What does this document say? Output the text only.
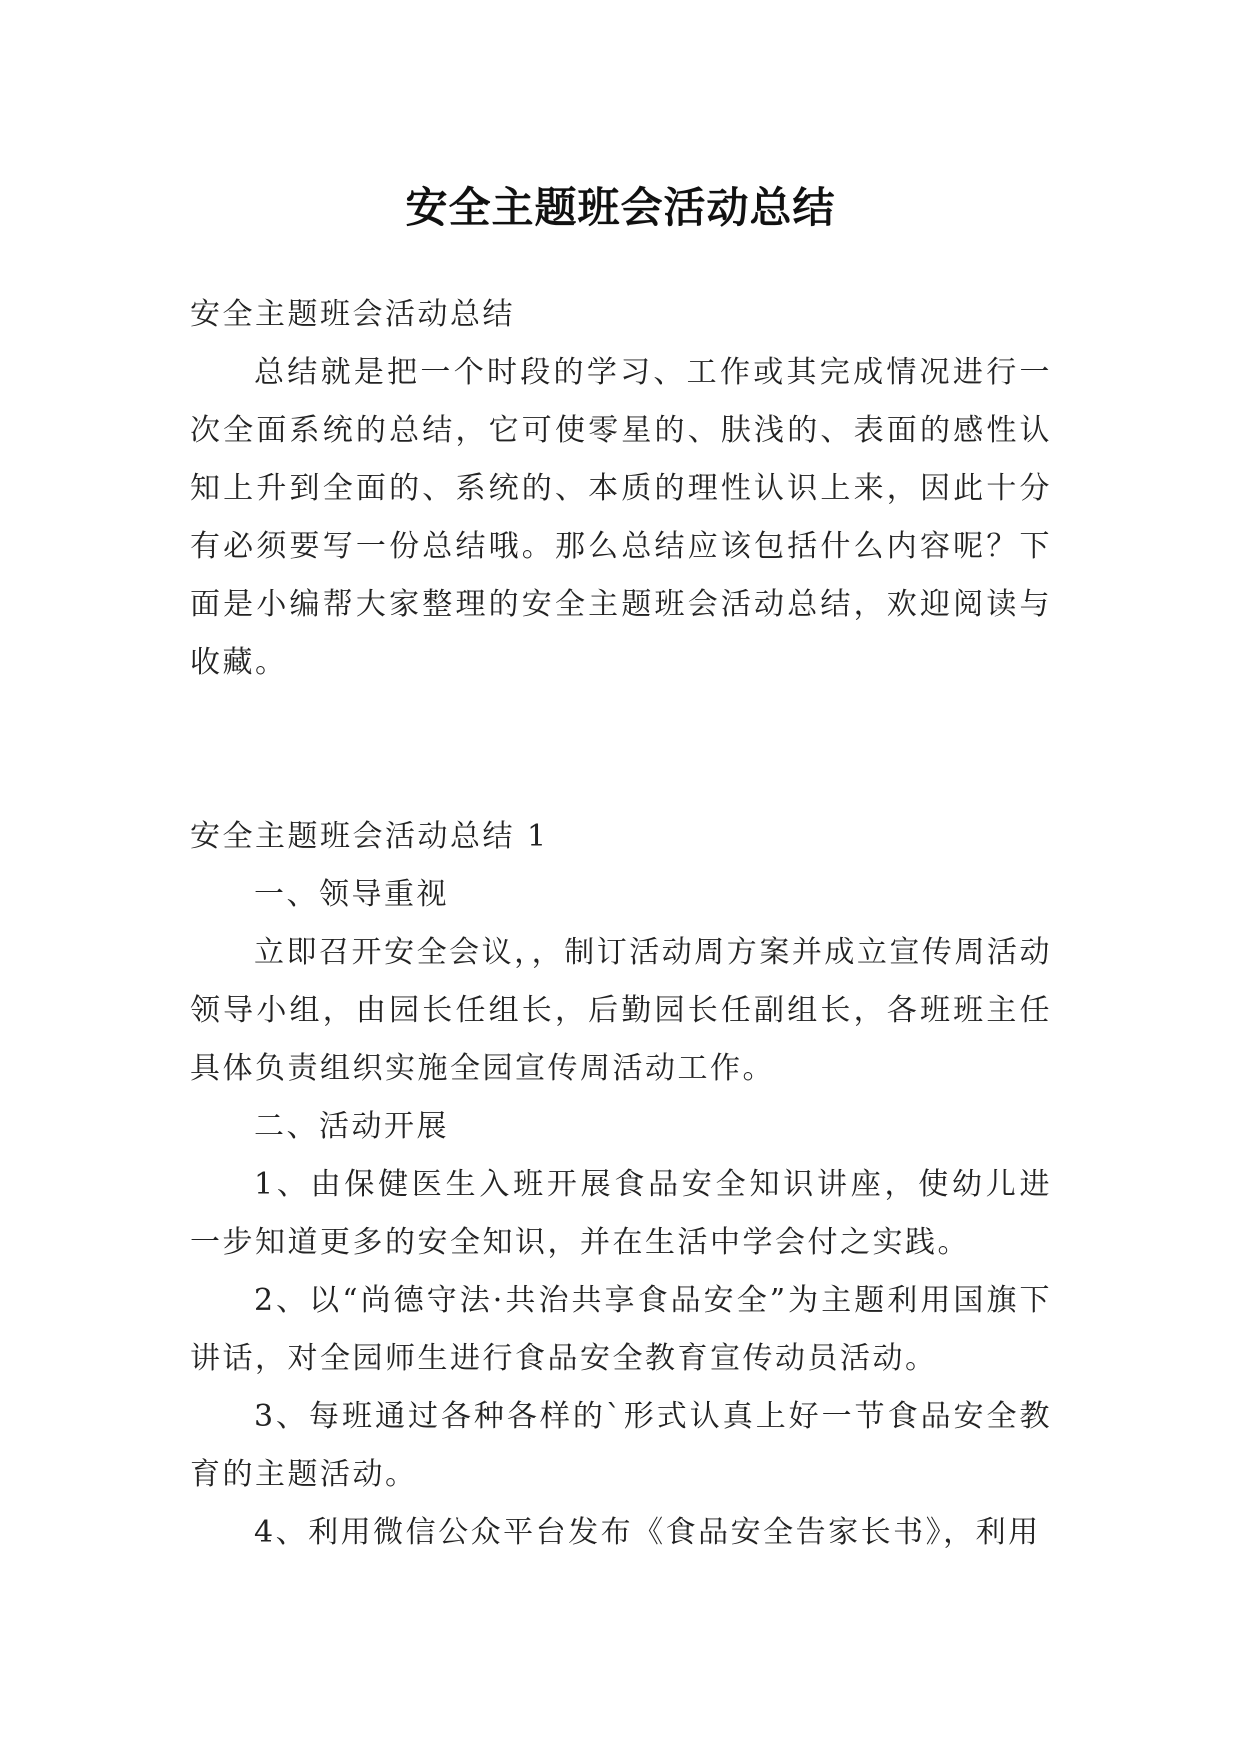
安全主题班会活动总结

安全主题班会活动总结

总结就是把一个时段的学习、工作或其完成情况进行一次全面系统的总结，它可使零星的、肤浅的、表面的感性认知上升到全面的、系统的、本质的理性认识上来，因此十分有必须要写一份总结哦。那么总结应该包括什么内容呢？下面是小编帮大家整理的安全主题班会活动总结，欢迎阅读与收藏。

安全主题班会活动总结 1

一、领导重视

立即召开安全会议，，制订活动周方案并成立宣传周活动领导小组，由园长任组长，后勤园长任副组长，各班班主任具体负责组织实施全园宣传周活动工作。

二、活动开展

1、由保健医生入班开展食品安全知识讲座，使幼儿进一步知道更多的安全知识，并在生活中学会付之实践。

2、以“尚德守法·共治共享食品安全”为主题利用国旗下讲话，对全园师生进行食品安全教育宣传动员活动。

3、每班通过各种各样的`形式认真上好一节食品安全教育的主题活动。

4、利用微信公众平台发布《食品安全告家长书》，利用
